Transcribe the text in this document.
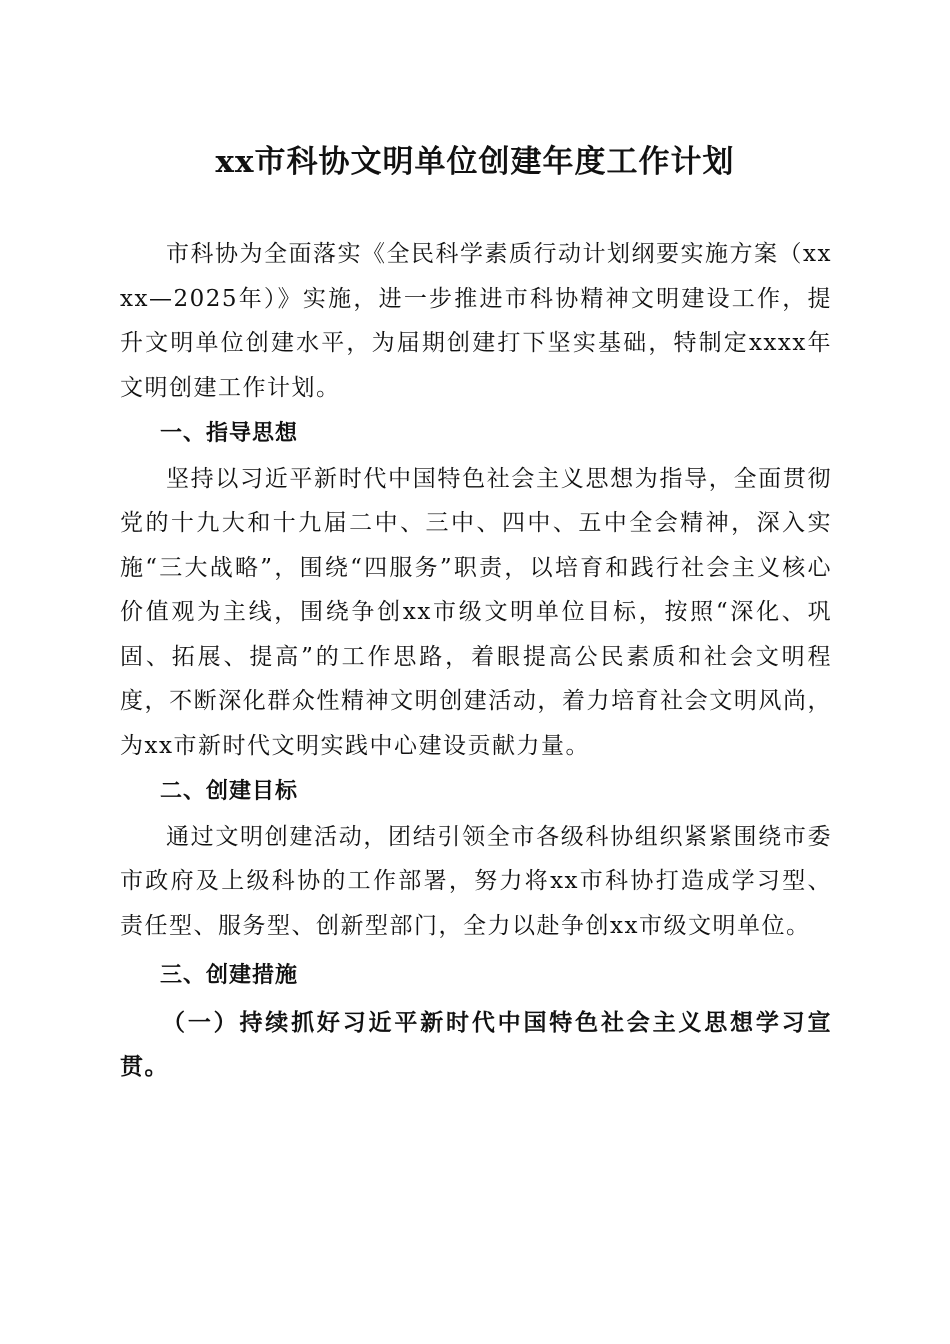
xx市科协文明单位创建年度工作计划

市科协为全面落实《全民科学素质行动计划纲要实施方案（xxxx—2025年）》实施，进一步推进市科协精神文明建设工作，提升文明单位创建水平，为届期创建打下坚实基础，特制定xxxx年文明创建工作计划。

一、指导思想

坚持以习近平新时代中国特色社会主义思想为指导，全面贯彻党的十九大和十九届二中、三中、四中、五中全会精神，深入实施“三大战略”，围绕“四服务”职责，以培育和践行社会主义核心价值观为主线，围绕争创xx市级文明单位目标，按照“深化、巩固、拓展、提高”的工作思路，着眼提高公民素质和社会文明程度，不断深化群众性精神文明创建活动，着力培育社会文明风尚，为xx市新时代文明实践中心建设贡献力量。

二、创建目标

通过文明创建活动，团结引领全市各级科协组织紧紧围绕市委市政府及上级科协的工作部署，努力将xx市科协打造成学习型、责任型、服务型、创新型部门，全力以赴争创xx市级文明单位。

三、创建措施

（一）持续抓好习近平新时代中国特色社会主义思想学习宣贯。
